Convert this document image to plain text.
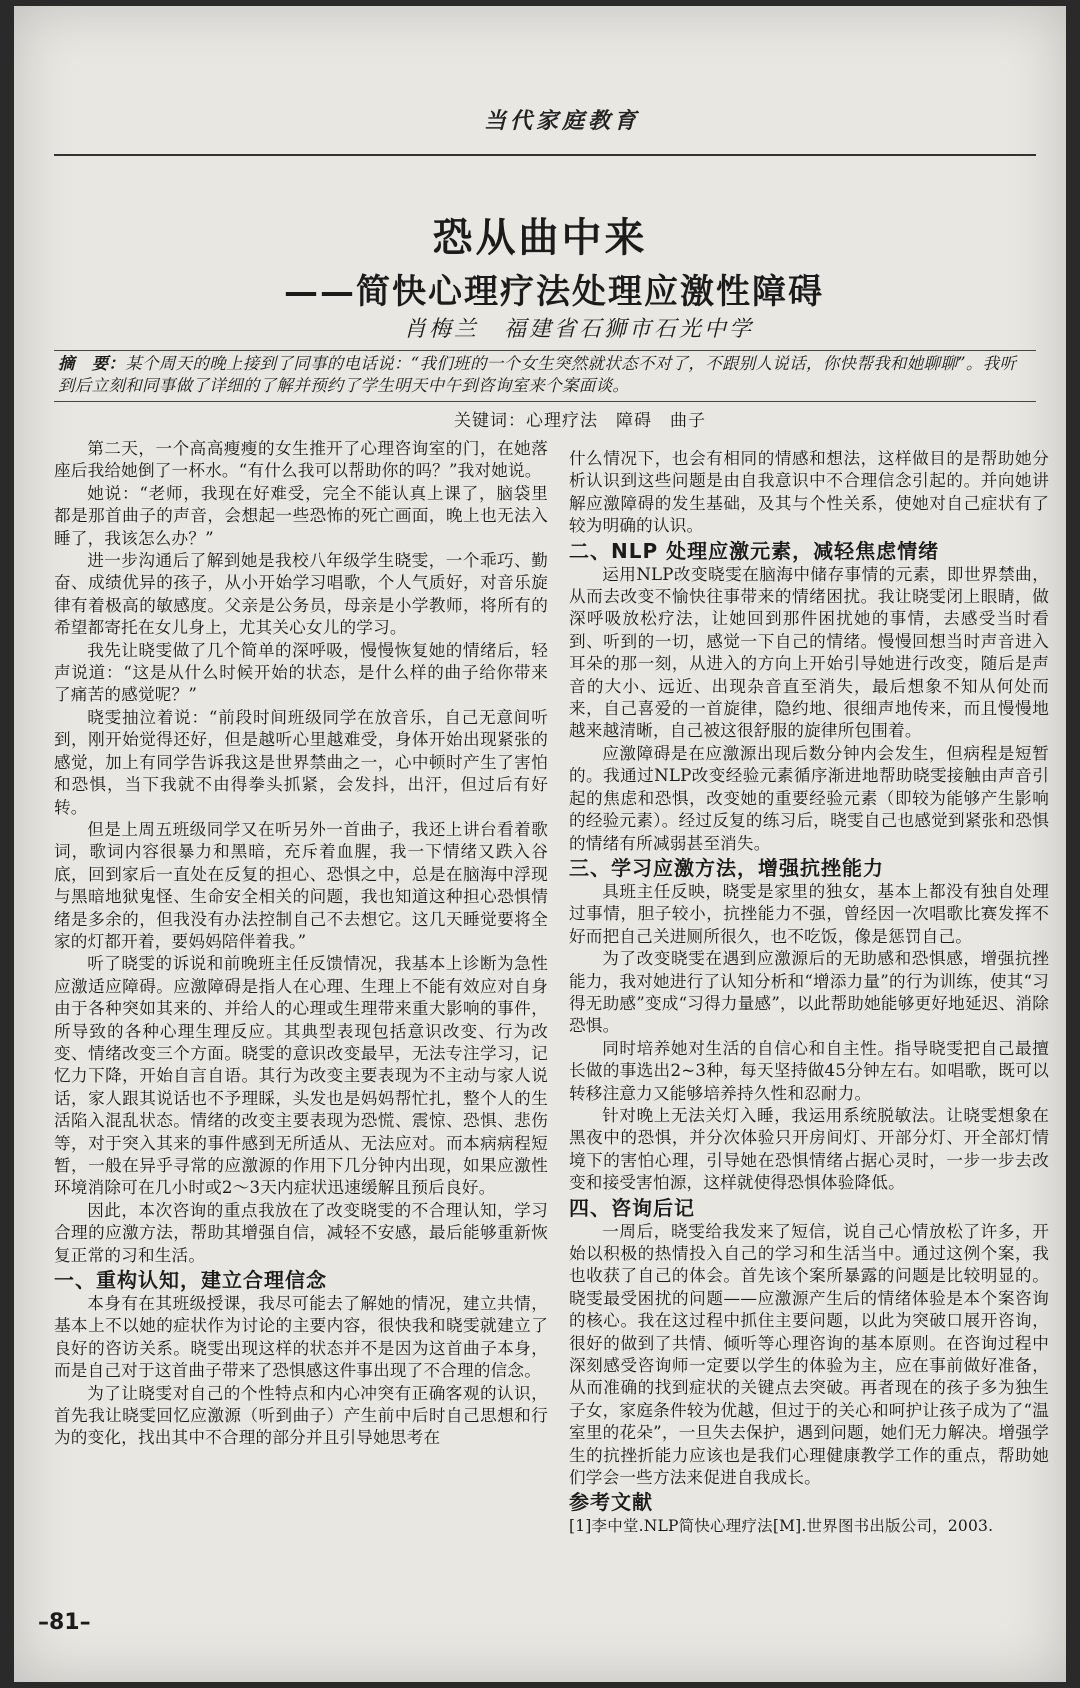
当代家庭教育
恐从曲中来
——简快心理疗法处理应激性障碍
肖梅兰　福建省石狮市石光中学
摘　要：某个周天的晚上接到了同事的电话说：“我们班的一个女生突然就状态不对了，不跟别人说话，你快帮我和她聊聊”。我听到后立刻和同事做了详细的了解并预约了学生明天中午到咨询室来个案面谈。
关键词：心理疗法　障碍　曲子

第二天，一个高高瘦瘦的女生推开了心理咨询室的门，在她落座后我给她倒了一杯水。“有什么我可以帮助你的吗？”我对她说。

她说：“老师，我现在好难受，完全不能认真上课了，脑袋里都是那首曲子的声音，会想起一些恐怖的死亡画面，晚上也无法入睡了，我该怎么办？”

进一步沟通后了解到她是我校八年级学生晓雯，一个乖巧、勤奋、成绩优异的孩子，从小开始学习唱歌，个人气质好，对音乐旋律有着极高的敏感度。父亲是公务员，母亲是小学教师，将所有的希望都寄托在女儿身上，尤其关心女儿的学习。

我先让晓雯做了几个简单的深呼吸，慢慢恢复她的情绪后，轻声说道：“这是从什么时候开始的状态，是什么样的曲子给你带来了痛苦的感觉呢？”

晓雯抽泣着说：“前段时间班级同学在放音乐，自己无意间听到，刚开始觉得还好，但是越听心里越难受，身体开始出现紧张的感觉，加上有同学告诉我这是世界禁曲之一，心中顿时产生了害怕和恐惧，当下我就不由得拳头抓紧，会发抖，出汗，但过后有好转。

但是上周五班级同学又在听另外一首曲子，我还上讲台看着歌词，歌词内容很暴力和黑暗，充斥着血腥，我一下情绪又跌入谷底，回到家后一直处在反复的担心、恐惧之中，总是在脑海中浮现与黑暗地狱鬼怪、生命安全相关的问题，我也知道这种担心恐惧情绪是多余的，但我没有办法控制自己不去想它。这几天睡觉要将全家的灯都开着，要妈妈陪伴着我。”

听了晓雯的诉说和前晚班主任反馈情况，我基本上诊断为急性应激适应障碍。应激障碍是指人在心理、生理上不能有效应对自身由于各种突如其来的、并给人的心理或生理带来重大影响的事件，所导致的各种心理生理反应。其典型表现包括意识改变、行为改变、情绪改变三个方面。晓雯的意识改变最早，无法专注学习，记忆力下降，开始自言自语。其行为改变主要表现为不主动与家人说话，家人跟其说话也不予理睬，头发也是妈妈帮忙扎，整个人的生活陷入混乱状态。情绪的改变主要表现为恐慌、震惊、恐惧、悲伤等，对于突入其来的事件感到无所适从、无法应对。而本病病程短暂，一般在异乎寻常的应激源的作用下几分钟内出现，如果应激性环境消除可在几小时或2～3天内症状迅速缓解且预后良好。

因此，本次咨询的重点我放在了改变晓雯的不合理认知，学习合理的应激方法，帮助其增强自信，减轻不安感，最后能够重新恢复正常的习和生活。

一、重构认知，建立合理信念

本身有在其班级授课，我尽可能去了解她的情况，建立共情，基本上不以她的症状作为讨论的主要内容，很快我和晓雯就建立了良好的咨访关系。晓雯出现这样的状态并不是因为这首曲子本身，而是自己对于这首曲子带来了恐惧感这件事出现了不合理的信念。

为了让晓雯对自己的个性特点和内心冲突有正确客观的认识，首先我让晓雯回忆应激源（听到曲子）产生前中后时自己思想和行为的变化，找出其中不合理的部分并且引导她思考在

什么情况下，也会有相同的情感和想法，这样做目的是帮助她分析认识到这些问题是由自我意识中不合理信念引起的。并向她讲解应激障碍的发生基础，及其与个性关系，使她对自己症状有了较为明确的认识。

二、NLP 处理应激元素，减轻焦虑情绪

运用NLP改变晓雯在脑海中储存事情的元素，即世界禁曲，从而去改变不愉快往事带来的情绪困扰。我让晓雯闭上眼睛，做深呼吸放松疗法，让她回到那件困扰她的事情，去感受当时看到、听到的一切，感觉一下自己的情绪。慢慢回想当时声音进入耳朵的那一刻，从进入的方向上开始引导她进行改变，随后是声音的大小、远近、出现杂音直至消失，最后想象不知从何处而来，自己喜爱的一首旋律，隐约地、很细声地传来，而且慢慢地越来越清晰，自己被这很舒服的旋律所包围着。

应激障碍是在应激源出现后数分钟内会发生，但病程是短暂的。我通过NLP改变经验元素循序渐进地帮助晓雯接触由声音引起的焦虑和恐惧，改变她的重要经验元素（即较为能够产生影响的经验元素）。经过反复的练习后，晓雯自己也感觉到紧张和恐惧的情绪有所减弱甚至消失。

三、学习应激方法，增强抗挫能力

具班主任反映，晓雯是家里的独女，基本上都没有独自处理过事情，胆子较小，抗挫能力不强，曾经因一次唱歌比赛发挥不好而把自己关进厕所很久，也不吃饭，像是惩罚自己。

为了改变晓雯在遇到应激源后的无助感和恐惧感，增强抗挫能力，我对她进行了认知分析和“增添力量”的行为训练，使其“习得无助感”变成“习得力量感”，以此帮助她能够更好地延迟、消除恐惧。

同时培养她对生活的自信心和自主性。指导晓雯把自己最擅长做的事选出2~3种，每天坚持做45分钟左右。如唱歌，既可以转移注意力又能够培养持久性和忍耐力。

针对晚上无法关灯入睡，我运用系统脱敏法。让晓雯想象在黑夜中的恐惧，并分次体验只开房间灯、开部分灯、开全部灯情境下的害怕心理，引导她在恐惧情绪占据心灵时，一步一步去改变和接受害怕源，这样就使得恐惧体验降低。

四、咨询后记

一周后，晓雯给我发来了短信，说自己心情放松了许多，开始以积极的热情投入自己的学习和生活当中。通过这例个案，我也收获了自己的体会。首先该个案所暴露的问题是比较明显的。晓雯最受困扰的问题——应激源产生后的情绪体验是本个案咨询的核心。我在这过程中抓住主要问题，以此为突破口展开咨询，很好的做到了共情、倾听等心理咨询的基本原则。在咨询过程中深刻感受咨询师一定要以学生的体验为主，应在事前做好准备，从而准确的找到症状的关键点去突破。再者现在的孩子多为独生子女，家庭条件较为优越，但过于的关心和呵护让孩子成为了“温室里的花朵”，一旦失去保护，遇到问题，她们无力解决。增强学生的抗挫折能力应该也是我们心理健康教学工作的重点，帮助她们学会一些方法来促进自我成长。

参考文献

[1]李中堂.NLP简快心理疗法[M].世界图书出版公司，2003.

–81–
